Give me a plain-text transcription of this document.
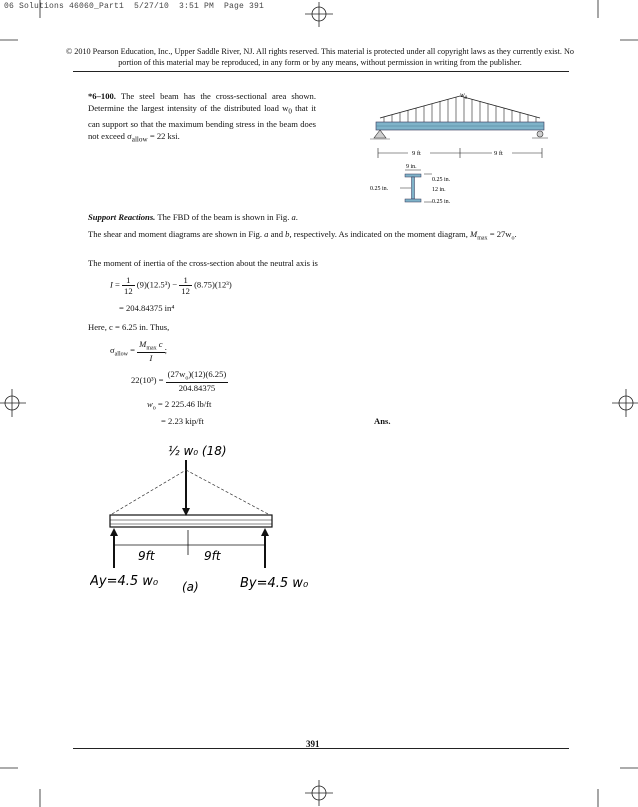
06 Solutions 46060_Part1  5/27/10  3:51 PM  Page 391
© 2010 Pearson Education, Inc., Upper Saddle River, NJ. All rights reserved. This material is protected under all copyright laws as they currently exist. No portion of this material may be reproduced, in any form or by any means, without permission in writing from the publisher.
*6–100. The steel beam has the cross-sectional area shown. Determine the largest intensity of the distributed load $w_0$ that it can support so that the maximum bending stress in the beam does not exceed $\sigma_{allow} = 22$ ksi.
$w_0$
9 ft	9 ft
9 in.
0.25 in.
12 in.
0.25 in.
0.25 in.
Support Reactions. The FBD of the beam is shown in Fig. a.
The shear and moment diagrams are shown in Fig. a and b, respectively. As indicated on the moment diagram, $M_{max} = 27w_o$.
The moment of inertia of the cross-section about the neutral axis is
$I = \frac{1}{12} (9)(12.5^3) - \frac{1}{12} (8.75)(12^3)$
= 204.84375 in⁴
Here, c = 6.25 in. Thus,
$\sigma_{allow} = \frac{M_{max} c}{I}$ ;
$22(10^3) = \frac{(27w_o)(12)(6.25)}{204.84375}$
$w_o = 2$ 225.46 lb/ft
= 2.23 kip/ft	Ans.
½ w₀ (18)
9ft	9ft
Ay=4.5 w₀ (a)	By=4.5 w₀
391
